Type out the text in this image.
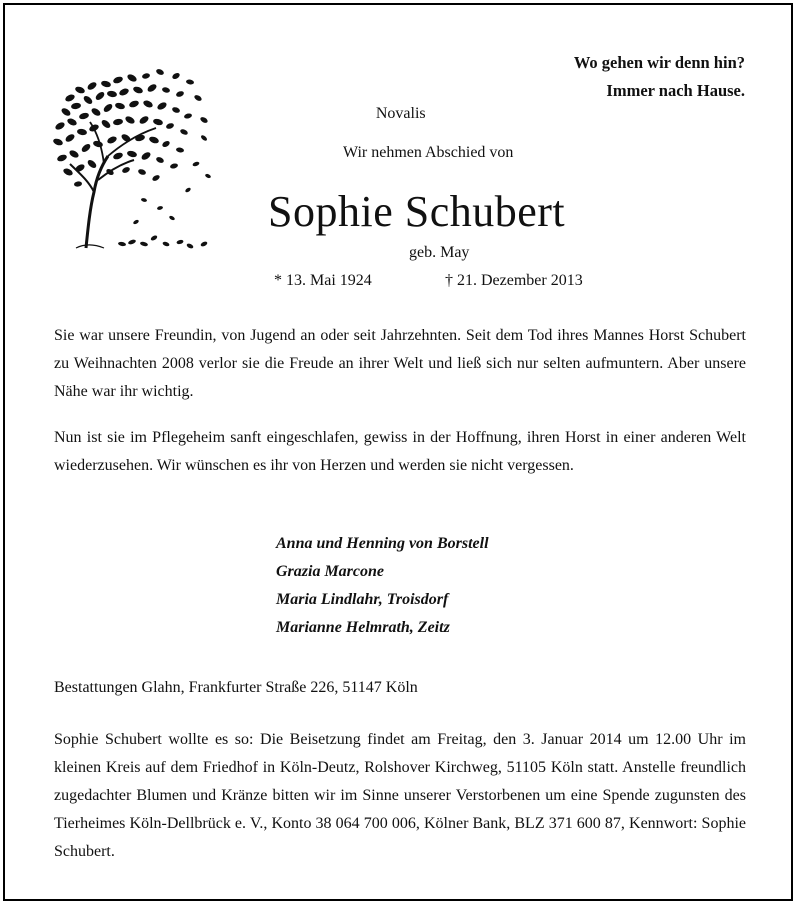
Wo gehen wir denn hin?
Immer nach Hause.
Novalis
Wir nehmen Abschied von
Sophie Schubert
geb. May
* 13. Mai 1924	† 21. Dezember 2013
Sie war unsere Freundin, von Jugend an oder seit Jahrzehnten. Seit dem Tod ihres Mannes Horst Schubert zu Weihnachten 2008 verlor sie die Freude an ihrer Welt und ließ sich nur selten aufmuntern. Aber unsere Nähe war ihr wichtig.
Nun ist sie im Pflegeheim sanft eingeschlafen, gewiss in der Hoffnung, ihren Horst in einer anderen Welt wiederzusehen. Wir wünschen es ihr von Herzen und werden sie nicht vergessen.
Anna und Henning von Borstell
Grazia Marcone
Maria Lindlahr, Troisdorf
Marianne Helmrath, Zeitz
Bestattungen Glahn, Frankfurter Straße 226, 51147 Köln
Sophie Schubert wollte es so: Die Beisetzung findet am Freitag, den 3. Januar 2014 um 12.00 Uhr im kleinen Kreis auf dem Friedhof in Köln-Deutz, Rolshover Kirchweg, 51105 Köln statt. Anstelle freundlich zugedachter Blumen und Kränze bitten wir im Sinne unserer Verstorbenen um eine Spende zugunsten des Tierheimes Köln-Dellbrück e. V., Konto 38 064 700 006, Kölner Bank, BLZ 371 600 87, Kennwort: Sophie Schubert.
